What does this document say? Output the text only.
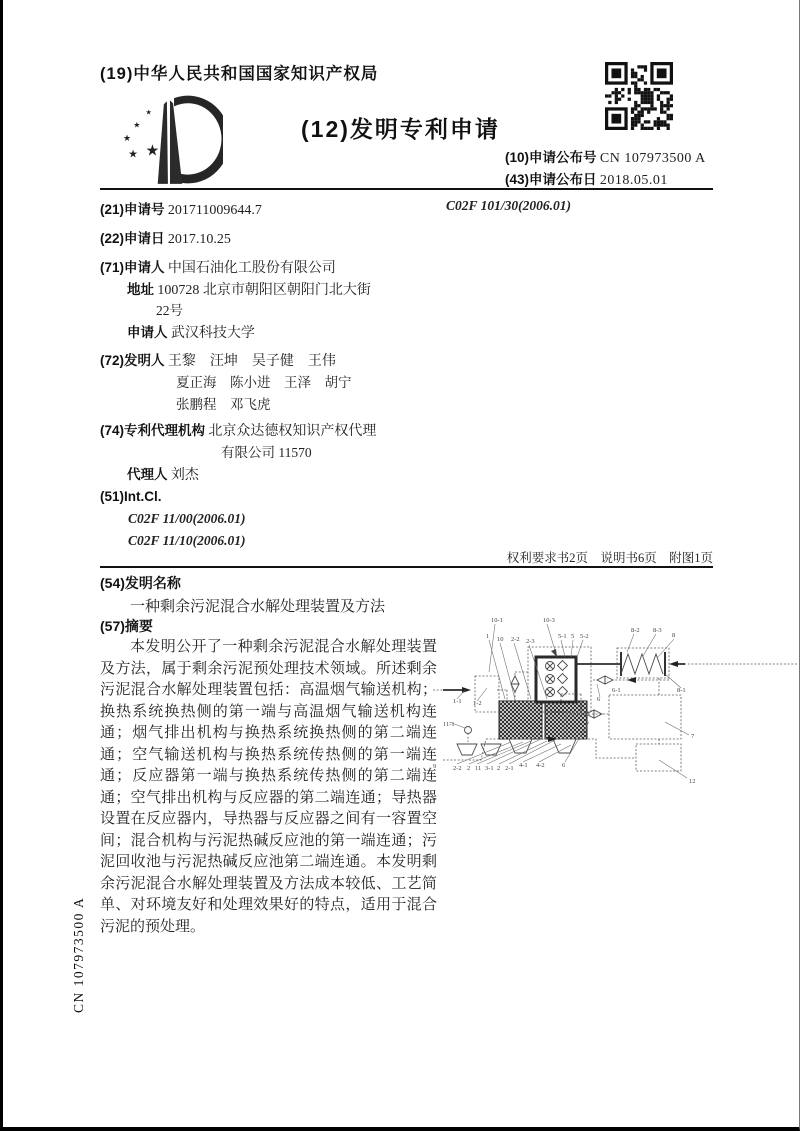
(19)中华人民共和国国家知识产权局
★
★
★
★
★
(12)发明专利申请
(10)申请公布号 CN 107973500 A
(43)申请公布日 2018.05.01
(21)申请号 201711009644.7	C02F 101/30(2006.01)
(22)申请日 2017.10.25
(71)申请人 中国石油化工股份有限公司
地址 100728 北京市朝阳区朝阳门北大街
22号
申请人 武汉科技大学
(72)发明人 王黎　汪坤　吴子健　王伟
夏正海　陈小进　王泽　胡宁
张鹏程　邓飞虎
(74)专利代理机构 北京众达德权知识产权代理
有限公司 11570
代理人 刘杰
(51)Int.Cl.
C02F 11/00(2006.01)
C02F 11/10(2006.01)
权利要求书2页　说明书6页　附图1页
(54)发明名称
一种剩余污泥混合水解处理装置及方法
(57)摘要
本发明公开了一种剩余污泥混合水解处理装置及方法，属于剩余污泥预处理技术领域。所述剩余污泥混合水解处理装置包括：高温烟气输送机构；换热系统换热侧的第一端与高温烟气输送机构连通；烟气排出机构与换热系统换热侧的第二端连通；空气输送机构与换热系统传热侧的第一端连通；反应器第一端与换热系统传热侧的第二端连通；空气排出机构与反应器的第二端连通；导热器设置在反应器内，导热器与反应器之间有一容置空间；混合机构与污泥热碱反应池的第一端连通；污泥回收池与污泥热碱反应池第二端连通。本发明剩余污泥混合水解处理装置及方法成本较低、工艺简单、对环境友好和处理效果好的特点，适用于混合污泥的预处理。
10-1
1 10 2-2 2-3
10-3
5-1 5 5-2
8-2 8-3
8
1-1 1-2
11-1
8-1
6-1
6
9	2-2 2 11 3-1 2 2-1 4-1 4-2	6
7
12
CN 107973500 A
